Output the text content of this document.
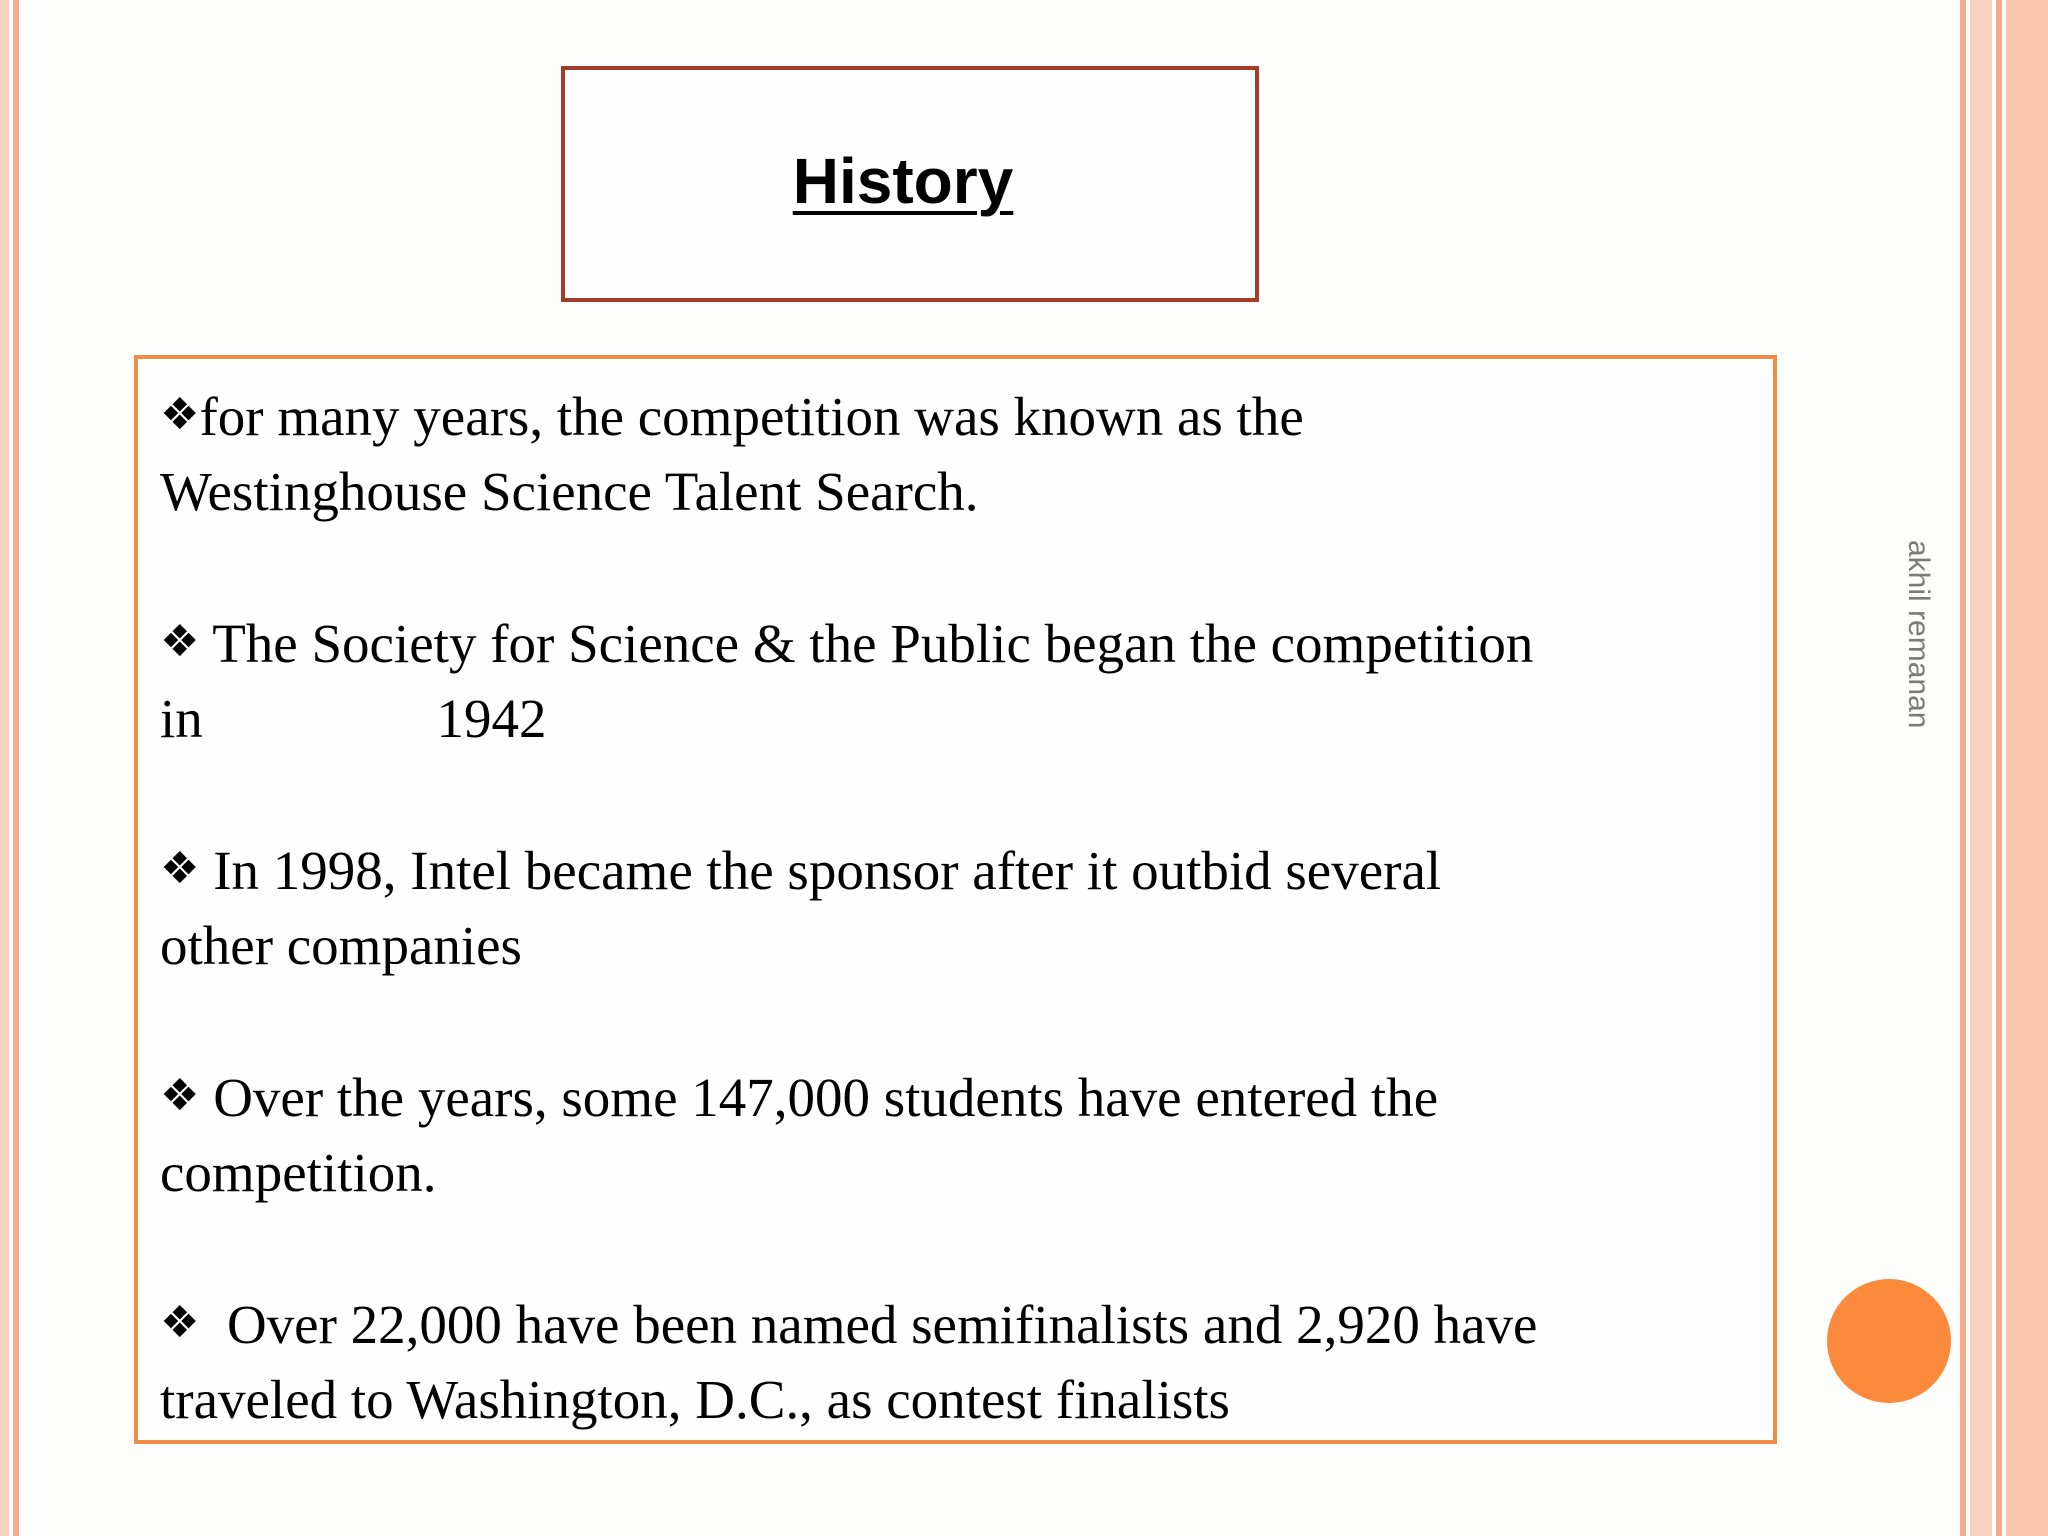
History
❖for many years, the competition was known as the
Westinghouse Science Talent Search.
❖ The Society for Science & the Public began the competition
in                 1942
❖ In 1998, Intel became the sponsor after it outbid several
other companies
❖ Over the years, some 147,000 students have entered the
competition.
❖  Over 22,000 have been named semifinalists and 2,920 have
traveled to Washington, D.C., as contest finalists
akhil remanan
